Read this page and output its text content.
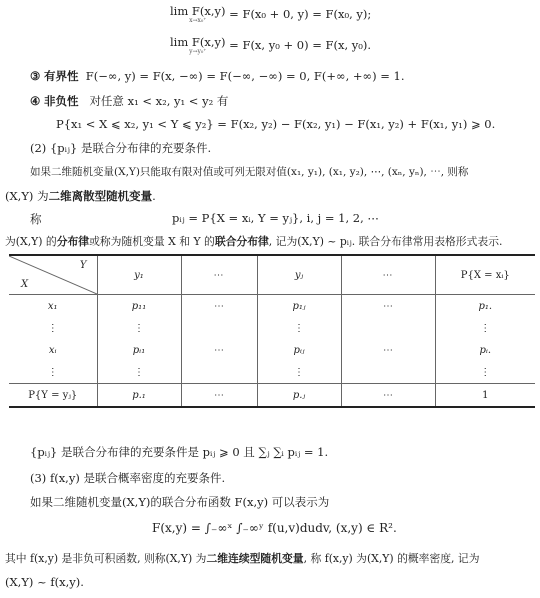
lim F(x,y)
x→x₀⁺	= F(x₀ + 0, y) = F(x₀, y);
lim F(x,y)
y→y₀⁺	= F(x, y₀ + 0) = F(x, y₀).
③ 有界性 F(−∞, y) = F(x, −∞) = F(−∞, −∞) = 0, F(+∞, +∞) = 1.
④ 非负性 对任意 x₁ < x₂, y₁ < y₂ 有
P{x₁ < X ⩽ x₂, y₁ < Y ⩽ y₂} = F(x₂, y₂) − F(x₂, y₁) − F(x₁, y₂) + F(x₁, y₁) ⩾ 0.
(2) {pᵢⱼ} 是联合分布律的充要条件.
如果二维随机变量(X,Y)只能取有限对值或可列无限对值(x₁, y₁), (x₁, y₂), ⋯, (xₙ, yₙ), ⋯, 则称
(X,Y) 为二维离散型随机变量.
称	pᵢⱼ = P{X = xᵢ, Y = yⱼ}, i, j = 1, 2, ⋯
为(X,Y) 的分布律或称为随机变量 X 和 Y 的联合分布律, 记为(X,Y) ~ pᵢⱼ. 联合分布律常用表格形式表示.
Y
X	y₁	⋯	yⱼ	⋯	P{X = xᵢ}
x₁	p₁₁	⋯	p₁ⱼ	⋯	p₁.
⋮	⋮		⋮		⋮
xᵢ	pᵢ₁	⋯	pᵢⱼ	⋯	pᵢ.
⋮	⋮		⋮		⋮
P{Y = yⱼ}	p.₁	⋯	p.ⱼ	⋯	1
{pᵢⱼ} 是联合分布律的充要条件是 pᵢⱼ ⩾ 0 且 ∑ⱼ ∑ᵢ pᵢⱼ = 1.
(3) f(x,y) 是联合概率密度的充要条件.
如果二维随机变量(X,Y)的联合分布函数 F(x,y) 可以表示为
F(x,y) = ∫₋∞ˣ ∫₋∞ʸ f(u,v)dudv, (x,y) ∈ R².
其中 f(x,y) 是非负可积函数, 则称(X,Y) 为二维连续型随机变量, 称 f(x,y) 为(X,Y) 的概率密度, 记为
(X,Y) ~ f(x,y).
